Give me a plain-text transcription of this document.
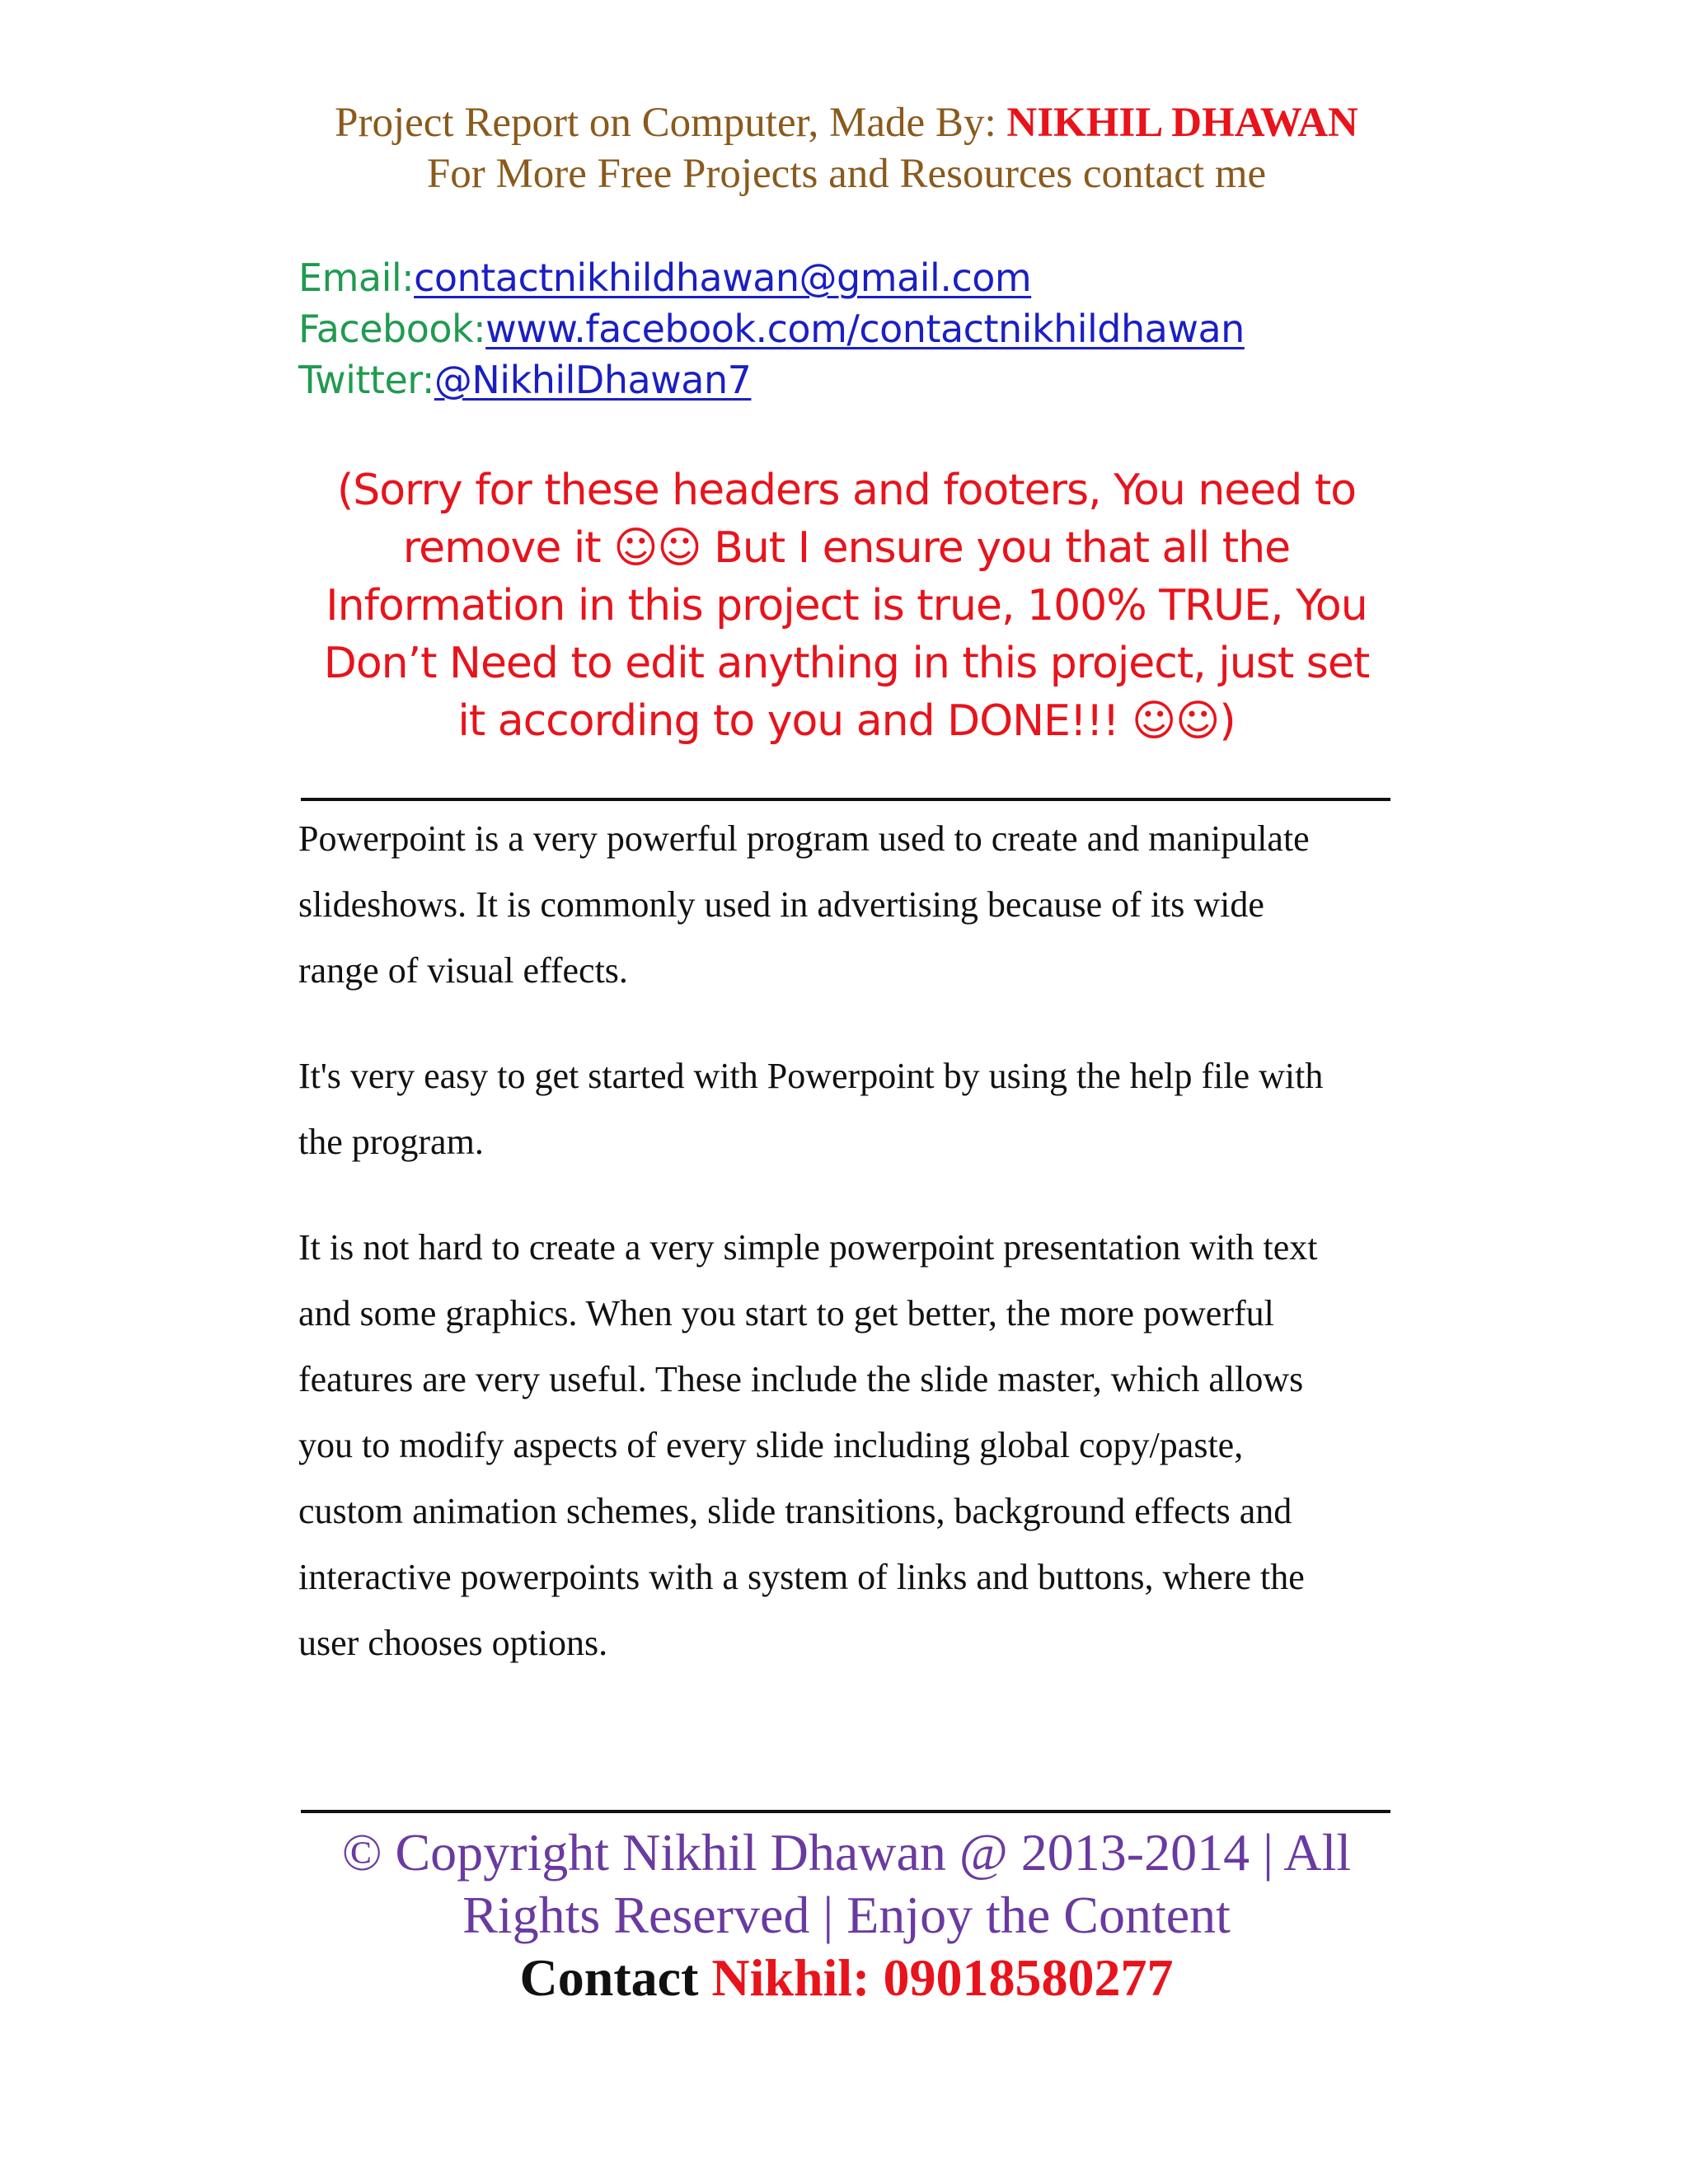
Project Report on Computer, Made By: NIKHIL DHAWAN
For More Free Projects and Resources contact me
Email:contactnikhildhawan@gmail.com
Facebook:www.facebook.com/contactnikhildhawan
Twitter:@NikhilDhawan7
(Sorry for these headers and footers, You need to
remove it ☺☺ But I ensure you that all the
Information in this project is true, 100% TRUE, You
Don’t Need to edit anything in this project, just set
it according to you and DONE!!! ☺☺)

Powerpoint is a very powerful program used to create and manipulate
slideshows. It is commonly used in advertising because of its wide
range of visual effects.

It's very easy to get started with Powerpoint by using the help file with
the program.

It is not hard to create a very simple powerpoint presentation with text
and some graphics. When you start to get better, the more powerful
features are very useful. These include the slide master, which allows
you to modify aspects of every slide including global copy/paste,
custom animation schemes, slide transitions, background effects and
interactive powerpoints with a system of links and buttons, where the
user chooses options.

© Copyright Nikhil Dhawan @ 2013-2014 | All
Rights Reserved | Enjoy the Content
Contact Nikhil: 09018580277
